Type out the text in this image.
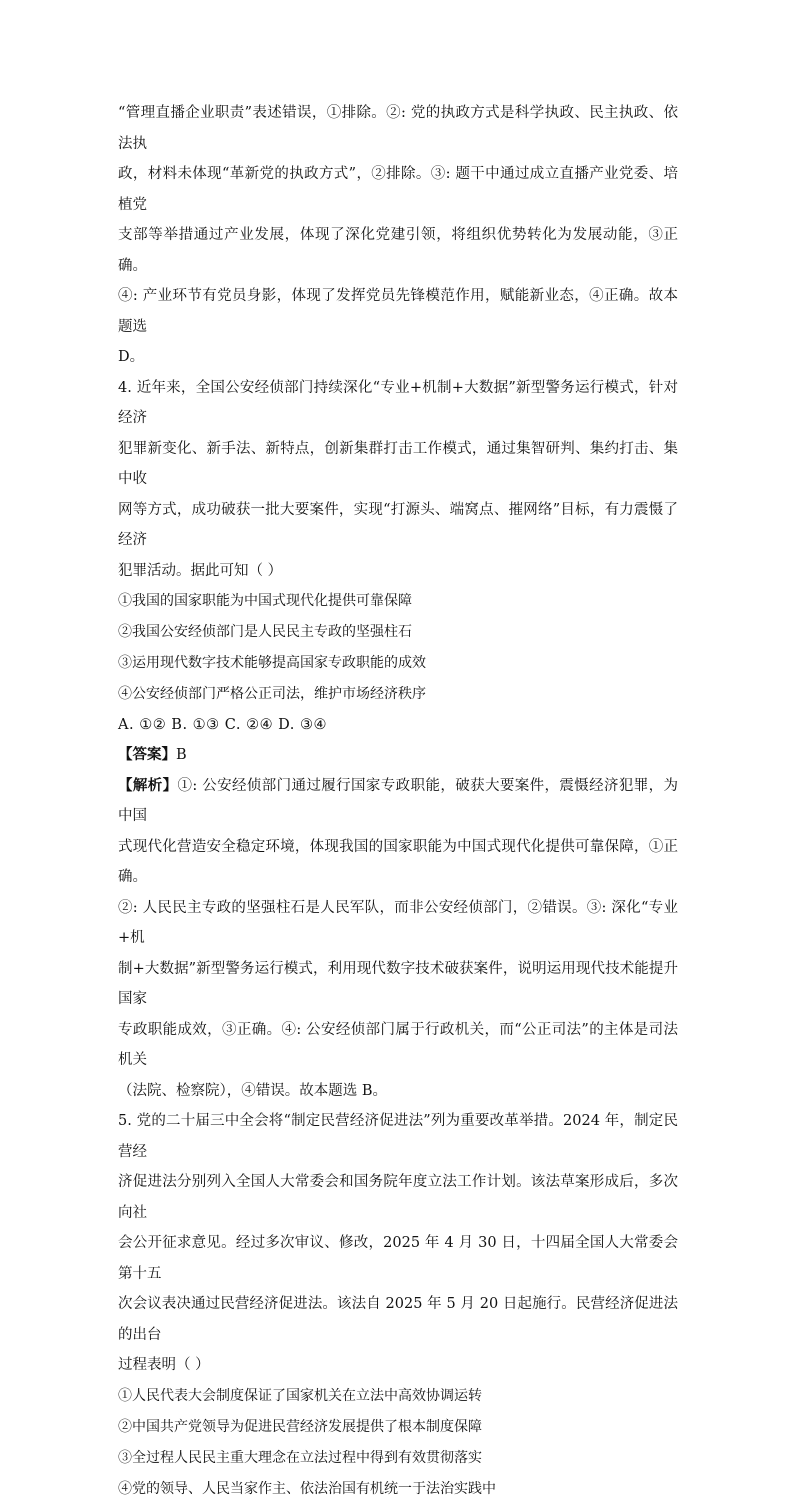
“管理直播企业职责”表述错误，①排除。②: 党的执政方式是科学执政、民主执政、依法执

政，材料未体现“革新党的执政方式”，②排除。③: 题干中通过成立直播产业党委、培植党

支部等举措通过产业发展，体现了深化党建引领，将组织优势转化为发展动能，③正确。

④: 产业环节有党员身影，体现了发挥党员先锋模范作用，赋能新业态，④正确。故本题选

D。

4. 近年来，全国公安经侦部门持续深化“专业+机制+大数据”新型警务运行模式，针对经济

犯罪新变化、新手法、新特点，创新集群打击工作模式，通过集智研判、集约打击、集中收

网等方式，成功破获一批大要案件，实现“打源头、端窝点、摧网络”目标，有力震慑了经济

犯罪活动。据此可知（ ）

①我国的国家职能为中国式现代化提供可靠保障

②我国公安经侦部门是人民民主专政的坚强柱石

③运用现代数字技术能够提高国家专政职能的成效

④公安经侦部门严格公正司法，维护市场经济秩序

A. ①② B. ①③ C. ②④ D. ③④

【答案】B

【解析】①: 公安经侦部门通过履行国家专政职能，破获大要案件，震慑经济犯罪，为中国

式现代化营造安全稳定环境，体现我国的国家职能为中国式现代化提供可靠保障，①正确。

②: 人民民主专政的坚强柱石是人民军队，而非公安经侦部门，②错误。③: 深化“专业+机

制+大数据”新型警务运行模式，利用现代数字技术破获案件，说明运用现代技术能提升国家

专政职能成效，③正确。④: 公安经侦部门属于行政机关，而“公正司法”的主体是司法机关

（法院、检察院），④错误。故本题选 B。

5. 党的二十届三中全会将“制定民营经济促进法”列为重要改革举措。2024 年，制定民营经

济促进法分别列入全国人大常委会和国务院年度立法工作计划。该法草案形成后，多次向社

会公开征求意见。经过多次审议、修改，2025 年 4 月 30 日，十四届全国人大常委会第十五

次会议表决通过民营经济促进法。该法自 2025 年 5 月 20 日起施行。民营经济促进法的出台

过程表明（ ）

①人民代表大会制度保证了国家机关在立法中高效协调运转

②中国共产党领导为促进民营经济发展提供了根本制度保障

③全过程人民民主重大理念在立法过程中得到有效贯彻落实

④党的领导、人民当家作主、依法治国有机统一于法治实践中
